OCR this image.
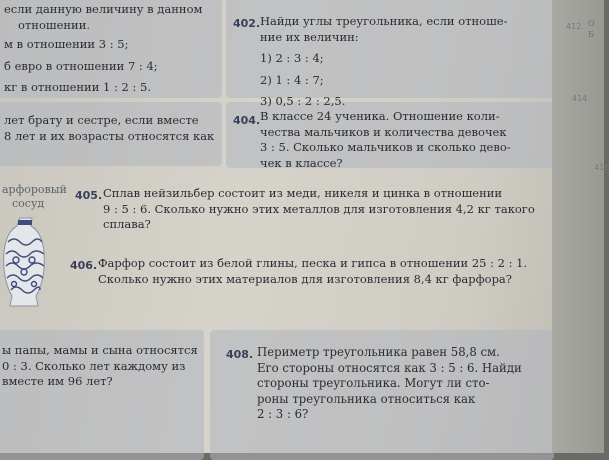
если данную величину в данном
отношении.
м в отношении 3 : 5;
б евро в отношении 7 : 4;
кг в отношении 1 : 2 : 5.
402. Найди углы треугольника, если отноше-
ние их величин:
1) 2 : 3 : 4;
2) 1 : 4 : 7;
3) 0,5 : 2 : 2,5.
лет брату и сестре, если вместе
8 лет и их возрасты относятся как
404. В классе 24 ученика. Отношение коли-
чества мальчиков и количества девочек
3 : 5. Сколько мальчиков и сколько дево-
чек в классе?
арфоровый
сосуд
405. Сплав нейзильбер состоит из меди, никеля и цинка в отношении
9 : 5 : 6. Сколько нужно этих металлов для изготовления 4,2 кг такого
сплава?
406. Фарфор состоит из белой глины, песка и гипса в отношении 25 : 2 : 1.
Сколько нужно этих материалов для изготовления 8,4 кг фарфора?
ы папы, мамы и сына относятся
0 : 3. Сколько лет каждому из
вместе им 96 лет?
408. Периметр треугольника равен 58,8 см.
Его стороны относятся как 3 : 5 : 6. Найди
стороны треугольника. Могут ли сто-
роны треугольника относиться как
2 : 3 : 6?
412. О
Б
414.
416
